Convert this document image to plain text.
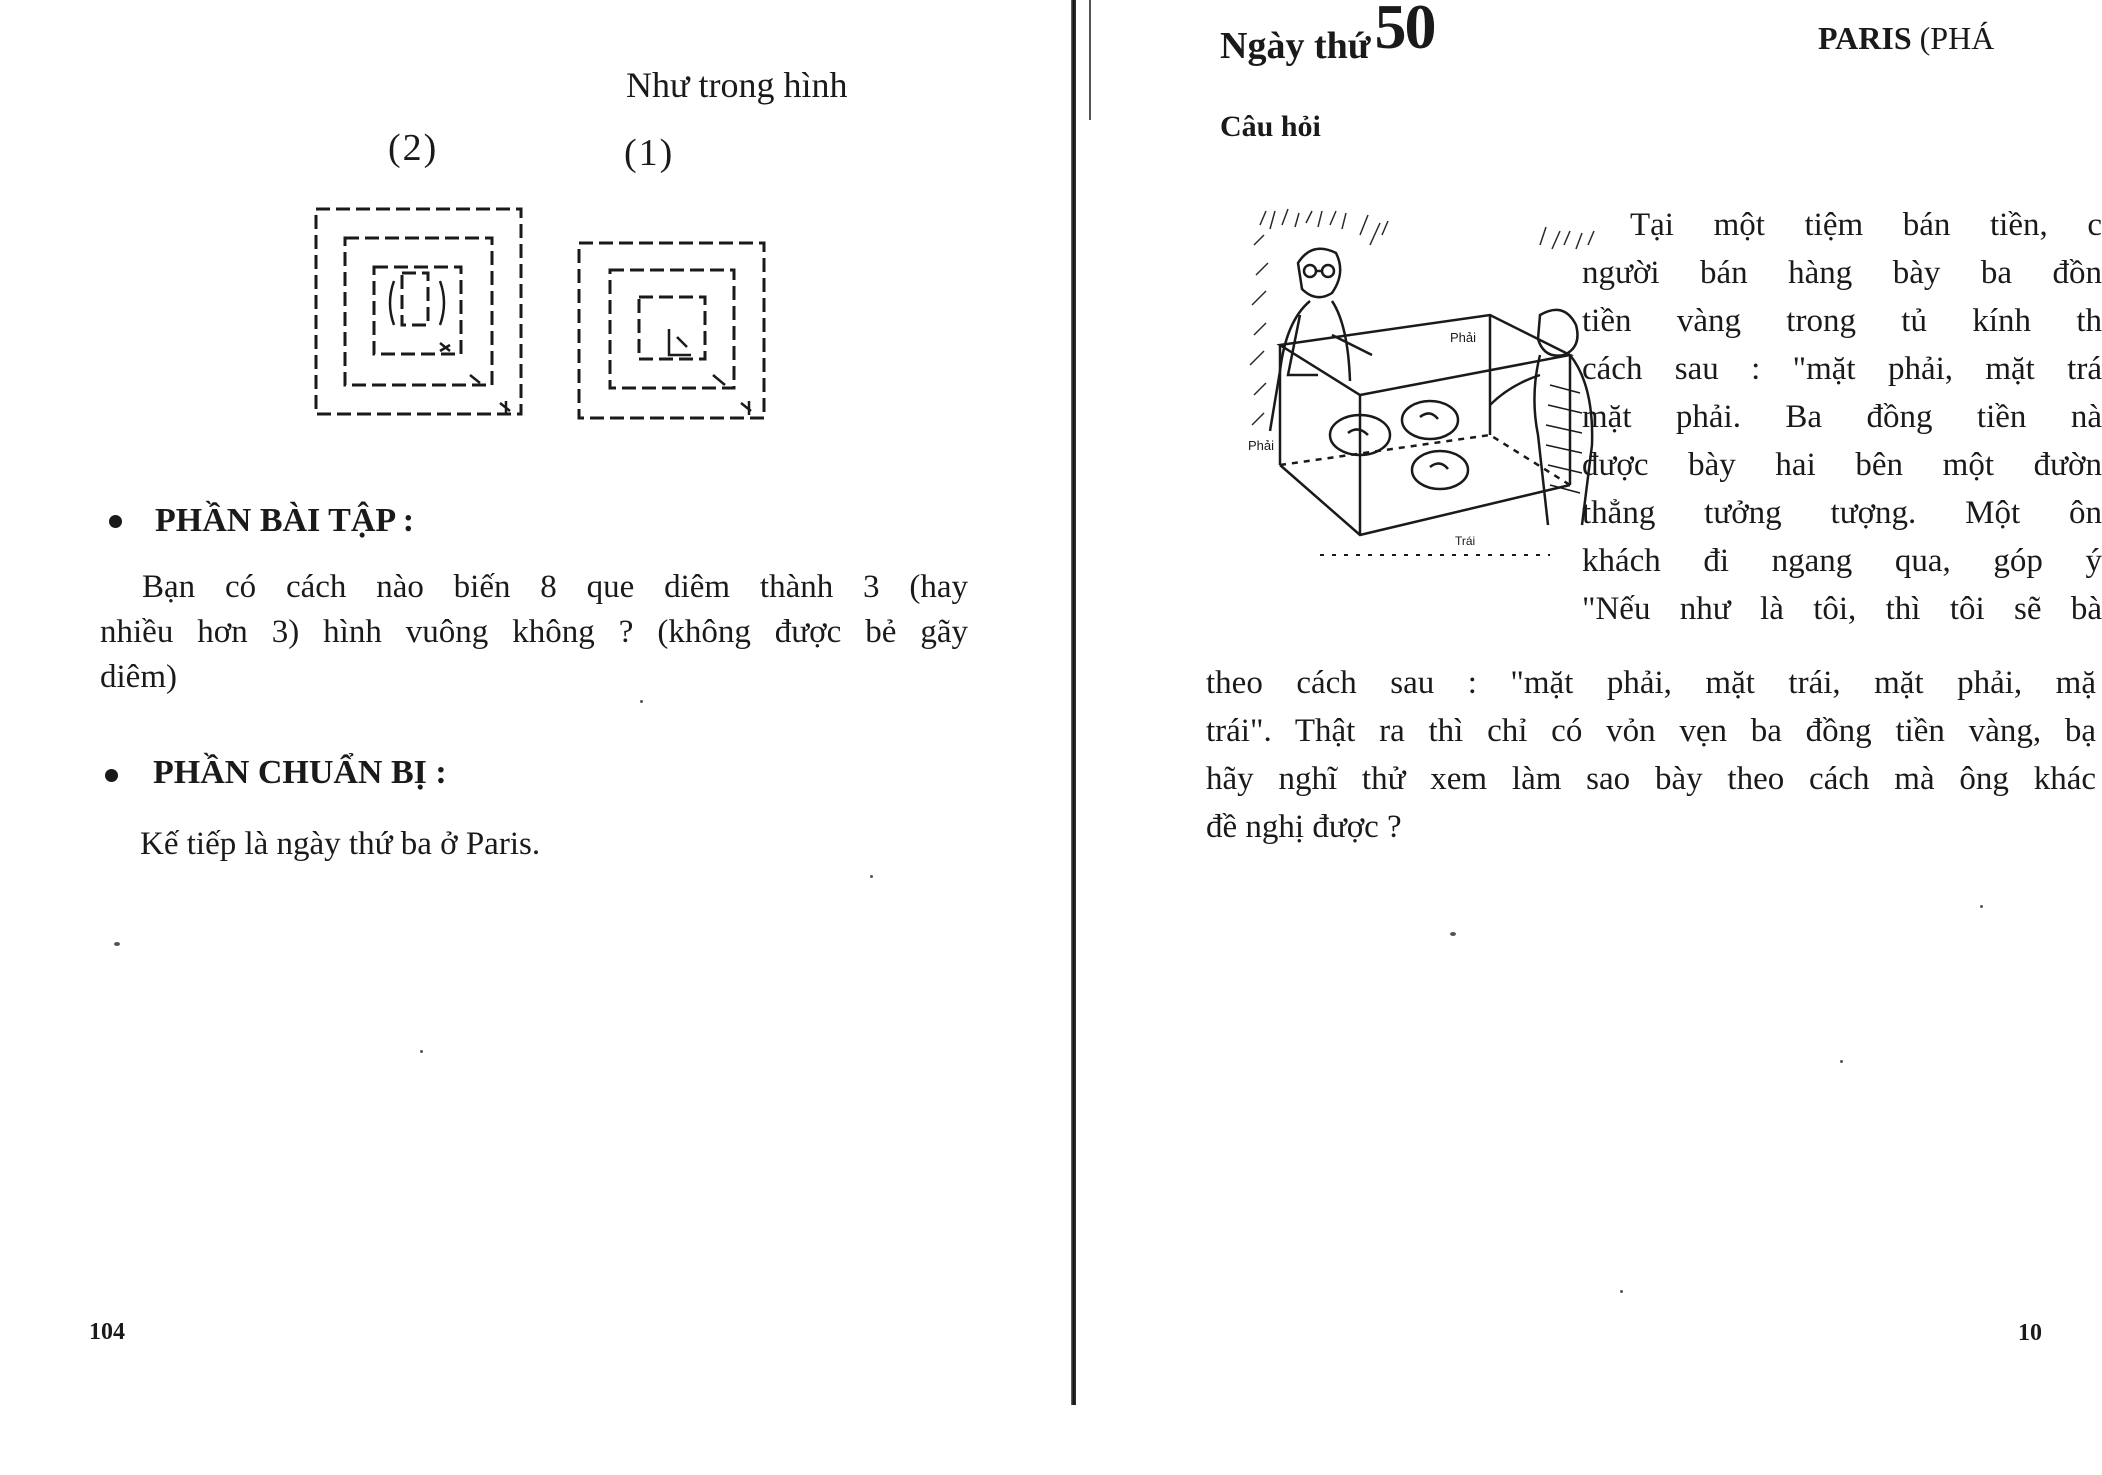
Như trong hình
(2)	(1)
PHẦN BÀI TẬP :
Bạn có cách nào biến 8 que diêm thành 3 (hay
nhiều hơn 3) hình vuông không ? (không được bẻ gãy
diêm)
PHẦN CHUẨN BỊ :
Kế tiếp là ngày thứ ba ở Paris.
104
Ngày thứ 50	PARIS (PHÁ
Câu hỏi
Phải
Phải
Trái
Tại một tiệm bán tiền, c
người bán hàng bày ba đồn
tiền vàng trong tủ kính th
cách sau : "mặt phải, mặt trá
mặt phải. Ba đồng tiền nà
được bày hai bên một đườn
thẳng tưởng tượng. Một ôn
khách đi ngang qua, góp ý
"Nếu như là tôi, thì tôi sẽ bà
theo cách sau : "mặt phải, mặt trái, mặt phải, mặ
trái". Thật ra thì chỉ có vỏn vẹn ba đồng tiền vàng, bạ
hãy nghĩ thử xem làm sao bày theo cách mà ông khác
đề nghị được ?
10
